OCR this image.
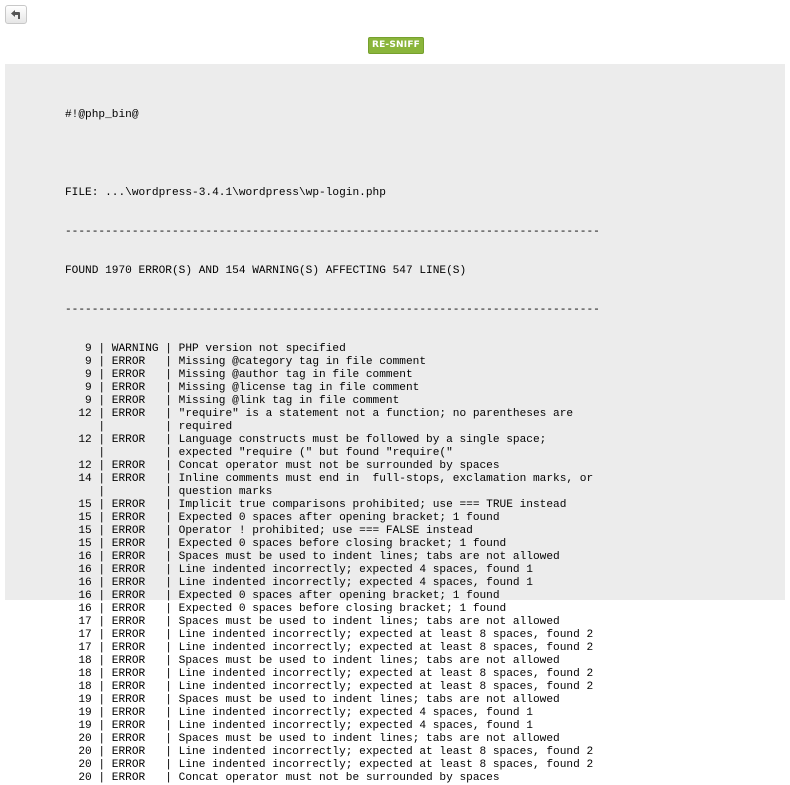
RE-SNIFF

#!@php_bin@

FILE: ...\wordpress-3.4.1\wordpress\wp-login.php

--------------------------------------------------------------------------------

FOUND 1970 ERROR(S) AND 154 WARNING(S) AFFECTING 547 LINE(S)

--------------------------------------------------------------------------------

9 | WARNING | PHP version not specified
9 | ERROR   | Missing @category tag in file comment
9 | ERROR   | Missing @author tag in file comment
9 | ERROR   | Missing @license tag in file comment
9 | ERROR   | Missing @link tag in file comment
12 | ERROR   | "require" is a statement not a function; no parentheses are
|         | required
12 | ERROR   | Language constructs must be followed by a single space;
|         | expected "require (" but found "require("
12 | ERROR   | Concat operator must not be surrounded by spaces
14 | ERROR   | Inline comments must end in  full-stops, exclamation marks, or
|         | question marks
15 | ERROR   | Implicit true comparisons prohibited; use === TRUE instead
15 | ERROR   | Expected 0 spaces after opening bracket; 1 found
15 | ERROR   | Operator ! prohibited; use === FALSE instead
15 | ERROR   | Expected 0 spaces before closing bracket; 1 found
16 | ERROR   | Spaces must be used to indent lines; tabs are not allowed
16 | ERROR   | Line indented incorrectly; expected 4 spaces, found 1
16 | ERROR   | Line indented incorrectly; expected 4 spaces, found 1
16 | ERROR   | Expected 0 spaces after opening bracket; 1 found
16 | ERROR   | Expected 0 spaces before closing bracket; 1 found
17 | ERROR   | Spaces must be used to indent lines; tabs are not allowed
17 | ERROR   | Line indented incorrectly; expected at least 8 spaces, found 2
17 | ERROR   | Line indented incorrectly; expected at least 8 spaces, found 2
18 | ERROR   | Spaces must be used to indent lines; tabs are not allowed
18 | ERROR   | Line indented incorrectly; expected at least 8 spaces, found 2
18 | ERROR   | Line indented incorrectly; expected at least 8 spaces, found 2
19 | ERROR   | Spaces must be used to indent lines; tabs are not allowed
19 | ERROR   | Line indented incorrectly; expected 4 spaces, found 1
19 | ERROR   | Line indented incorrectly; expected 4 spaces, found 1
20 | ERROR   | Spaces must be used to indent lines; tabs are not allowed
20 | ERROR   | Line indented incorrectly; expected at least 8 spaces, found 2
20 | ERROR   | Line indented incorrectly; expected at least 8 spaces, found 2
20 | ERROR   | Concat operator must not be surrounded by spaces
